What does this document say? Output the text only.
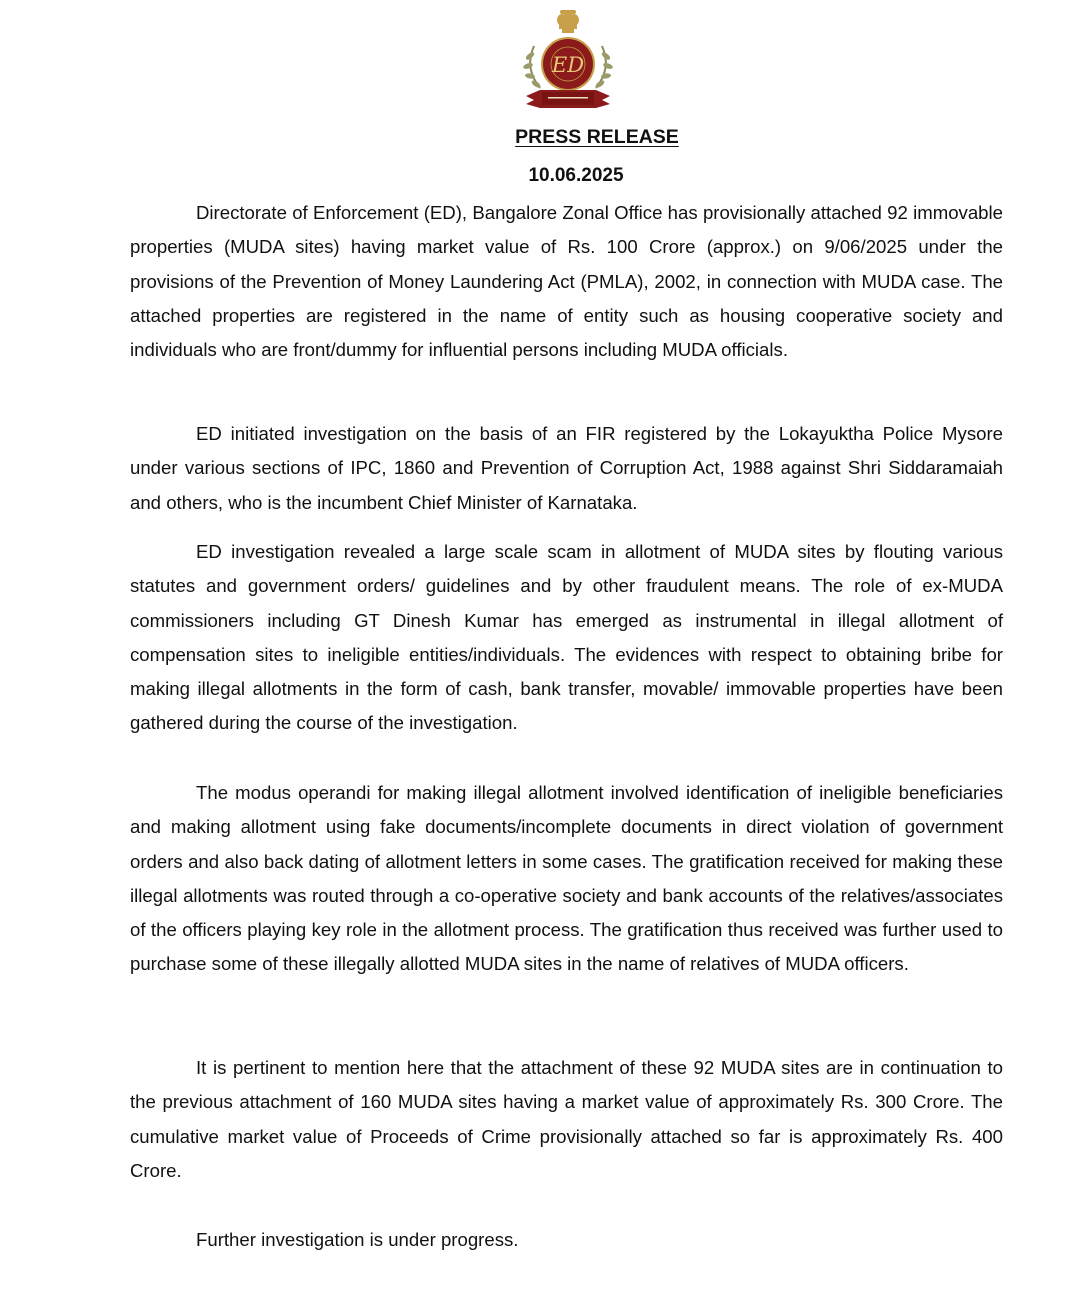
ED
PRESS RELEASE
10.06.2025

Directorate of Enforcement (ED), Bangalore Zonal Office has provisionally attached 92 immovable properties (MUDA sites) having market value of Rs. 100 Crore (approx.) on 9/06/2025 under the provisions of the Prevention of Money Laundering Act (PMLA), 2002, in connection with MUDA case. The attached properties are registered in the name of entity such as housing cooperative society and individuals who are front/dummy for influential persons including MUDA officials.

ED initiated investigation on the basis of an FIR registered by the Lokayuktha Police Mysore under various sections of IPC, 1860 and Prevention of Corruption Act, 1988 against Shri Siddaramaiah and others, who is the incumbent Chief Minister of Karnataka.

ED investigation revealed a large scale scam in allotment of MUDA sites by flouting various statutes and government orders/ guidelines and by other fraudulent means. The role of ex-MUDA commissioners including GT Dinesh Kumar has emerged as instrumental in illegal allotment of compensation sites to ineligible entities/individuals. The evidences with respect to obtaining bribe for making illegal allotments in the form of cash, bank transfer, movable/ immovable properties have been gathered during the course of the investigation.

The modus operandi for making illegal allotment involved identification of ineligible beneficiaries and making allotment using fake documents/incomplete documents in direct violation of government orders and also back dating of allotment letters in some cases. The gratification received for making these illegal allotments was routed through a co-operative society and bank accounts of the relatives/associates of the officers playing key role in the allotment process. The gratification thus received was further used to purchase some of these illegally allotted MUDA sites in the name of relatives of MUDA officers.

It is pertinent to mention here that the attachment of these 92 MUDA sites are in continuation to the previous attachment of 160 MUDA sites having a market value of approximately Rs. 300 Crore. The cumulative market value of Proceeds of Crime provisionally attached so far is approximately Rs. 400 Crore.

Further investigation is under progress.
